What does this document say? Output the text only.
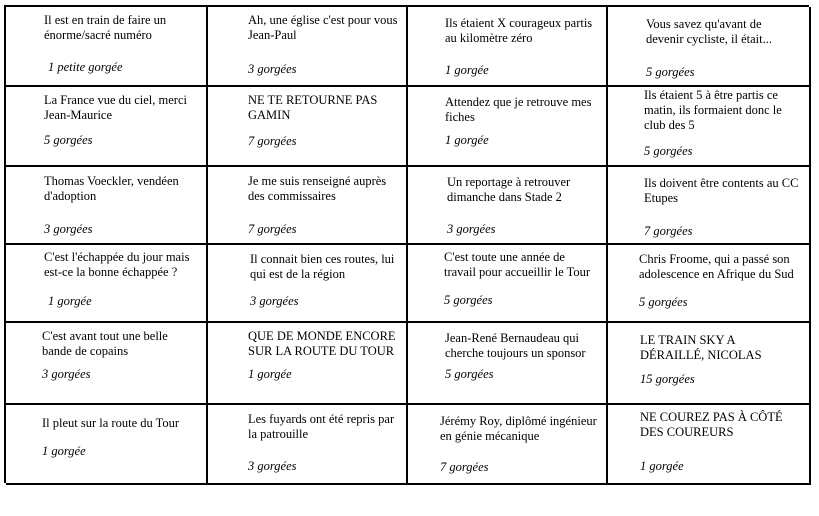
Il est en train de faire un énorme/sacré numéro
1 petite gorgée
Ah, une église c'est pour vous Jean-Paul
3 gorgées
Ils étaient X courageux partis au kilomètre zéro
1 gorgée
Vous savez qu'avant de devenir cycliste, il était...
5 gorgées
La France vue du ciel, merci Jean-Maurice
5 gorgées
NE TE RETOURNE PAS GAMIN
7 gorgées
Attendez que je retrouve mes fiches
1 gorgée
Ils étaient 5 à être partis ce matin, ils formaient donc le club des 5
5 gorgées
Thomas Voeckler, vendéen d'adoption
3 gorgées
Je me suis renseigné auprès des commissaires
7 gorgées
Un reportage à retrouver dimanche dans Stade 2
3 gorgées
Ils doivent être contents au CC Etupes
7 gorgées
C'est l'échappée du jour mais est-ce la bonne échappée ?
1 gorgée
Il connait bien ces routes, lui qui est de la région
3 gorgées
C'est toute une année de travail pour accueillir le Tour
5 gorgées
Chris Froome, qui a passé son adolescence en Afrique du Sud
5 gorgées
C'est avant tout une belle bande de copains
3 gorgées
QUE DE MONDE ENCORE SUR LA ROUTE DU TOUR
1 gorgée
Jean-René Bernaudeau qui cherche toujours un sponsor
5 gorgées
LE TRAIN SKY A DÉRAILLÉ, NICOLAS
15 gorgées
Il pleut sur la route du Tour
1 gorgée
Les fuyards ont été repris par la patrouille
3 gorgées
Jérémy Roy, diplômé ingénieur en génie mécanique
7 gorgées
NE COUREZ PAS À CÔTÉ DES COUREURS
1 gorgée
